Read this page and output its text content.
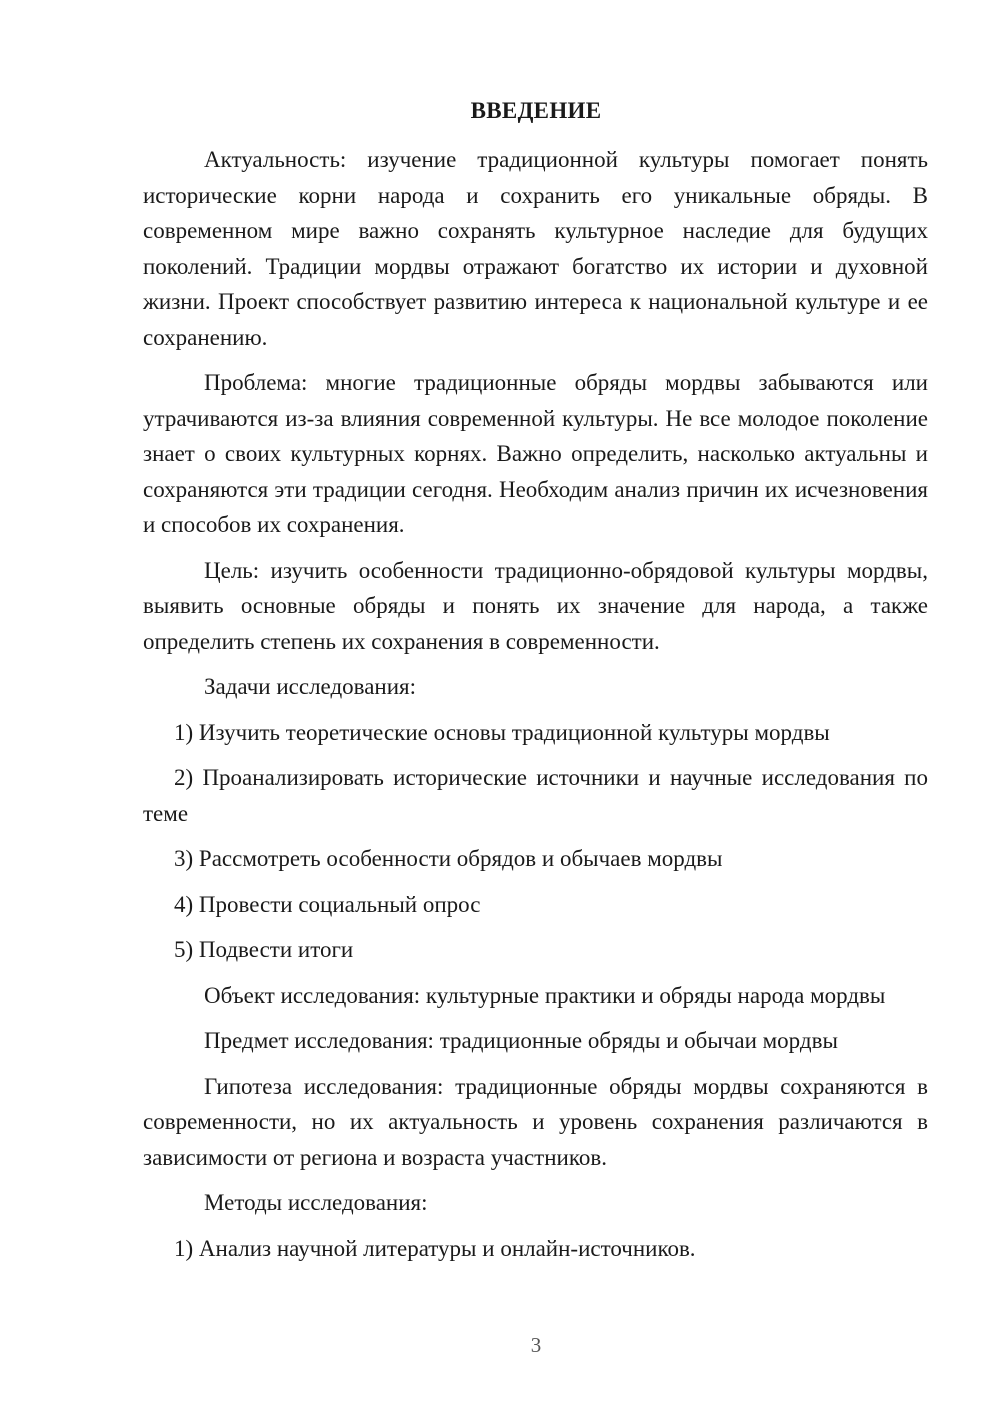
ВВЕДЕНИЕ

Актуальность: изучение традиционной культуры помогает понять исторические корни народа и сохранить его уникальные обряды. В современном мире важно сохранять культурное наследие для будущих поколений. Традиции мордвы отражают богатство их истории и духовной жизни. Проект способствует развитию интереса к национальной культуре и ее сохранению.

Проблема: многие традиционные обряды мордвы забываются или утрачиваются из-за влияния современной культуры. Не все молодое поколение знает о своих культурных корнях. Важно определить, насколько актуальны и сохраняются эти традиции сегодня. Необходим анализ причин их исчезновения и способов их сохранения.

Цель: изучить особенности традиционно-обрядовой культуры мордвы, выявить основные обряды и понять их значение для народа, а также определить степень их сохранения в современности.

Задачи исследования:

1) Изучить теоретические основы традиционной культуры мордвы

2) Проанализировать исторические источники и научные исследования по теме

3) Рассмотреть особенности обрядов и обычаев мордвы

4) Провести социальный опрос

5) Подвести итоги

Объект исследования: культурные практики и обряды народа мордвы

Предмет исследования: традиционные обряды и обычаи мордвы

Гипотеза исследования: традиционные обряды мордвы сохраняются в современности, но их актуальность и уровень сохранения различаются в зависимости от региона и возраста участников.

Методы исследования:

1) Анализ научной литературы и онлайн-источников.

3
